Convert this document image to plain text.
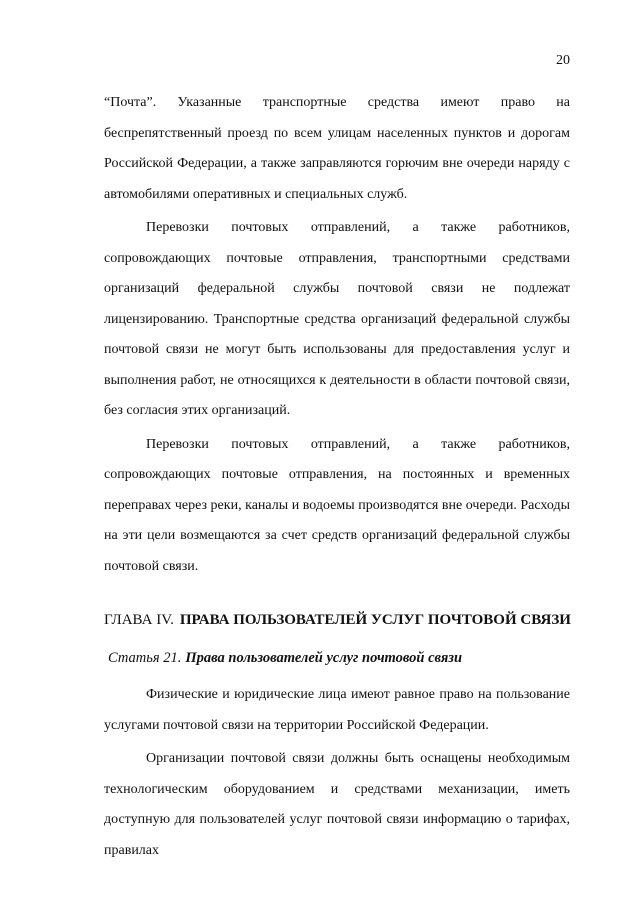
20

“Почта”. Указанные транспортные средства имеют право на беспрепятственный проезд по всем улицам населенных пунктов и дорогам Российской Федерации, а также заправляются горючим вне очереди наряду с автомобилями оперативных и специальных служб.

Перевозки почтовых отправлений, а также работников, сопровождающих почтовые отправления, транспортными средствами организаций федеральной службы почтовой связи не подлежат лицензированию. Транспортные средства организаций федеральной службы почтовой связи не могут быть использованы для предоставления услуг и выполнения работ, не относящихся к деятельности в области почтовой связи, без согласия этих организаций.

Перевозки почтовых отправлений, а также работников, сопровождающих почтовые отправления, на постоянных и временных переправах через реки, каналы и водоемы производятся вне очереди. Расходы на эти цели возмещаются за счет средств организаций федеральной службы почтовой связи.

ГЛАВА IV. ПРАВА ПОЛЬЗОВАТЕЛЕЙ УСЛУГ ПОЧТОВОЙ СВЯЗИ
Статья 21. Права пользователей услуг почтовой связи

Физические и юридические лица имеют равное право на пользование услугами почтовой связи на территории Российской Федерации.

Организации почтовой связи должны быть оснащены необходимым технологическим оборудованием и средствами механизации, иметь доступную для пользователей услуг почтовой связи информацию о тарифах, правилах
